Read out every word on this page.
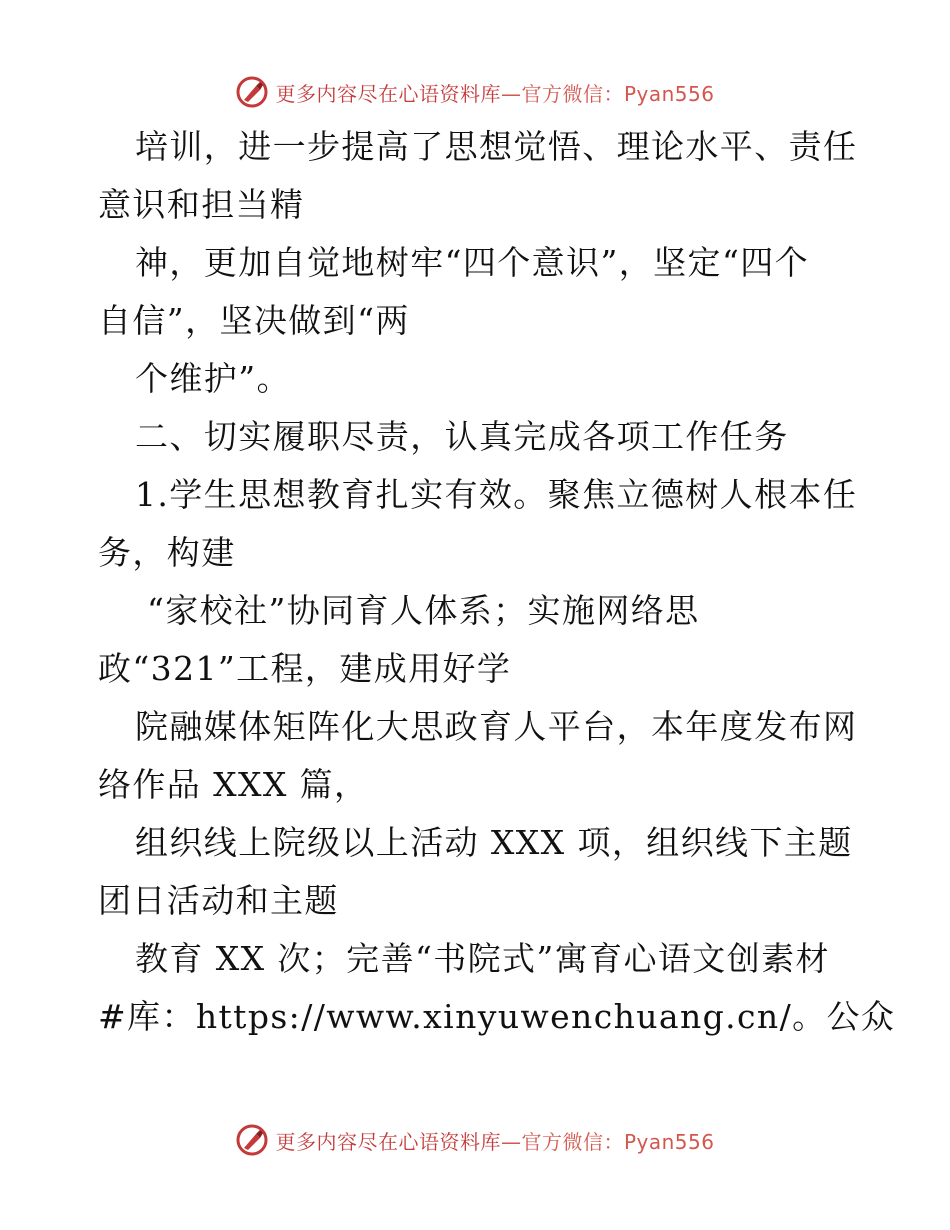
更多内容尽在心语资料库—官方微信：Pyan556
培训，进一步提高了思想觉悟、理论水平、责任
意识和担当精
神，更加自觉地树牢“四个意识”，坚定“四个
自信”，坚决做到“两
个维护”。
二、切实履职尽责，认真完成各项工作任务
1.学生思想教育扎实有效。聚焦立德树人根本任
务，构建
“家校社”协同育人体系；实施网络思
政“321”工程，建成用好学
院融媒体矩阵化大思政育人平台，本年度发布网
络作品 XXX 篇，
组织线上院级以上活动 XXX 项，组织线下主题
团日活动和主题
教育 XX 次；完善“书院式”寓育心语文创素材
#库：https://www.xinyuwenchuang.cn/。公众
更多内容尽在心语资料库—官方微信：Pyan556
